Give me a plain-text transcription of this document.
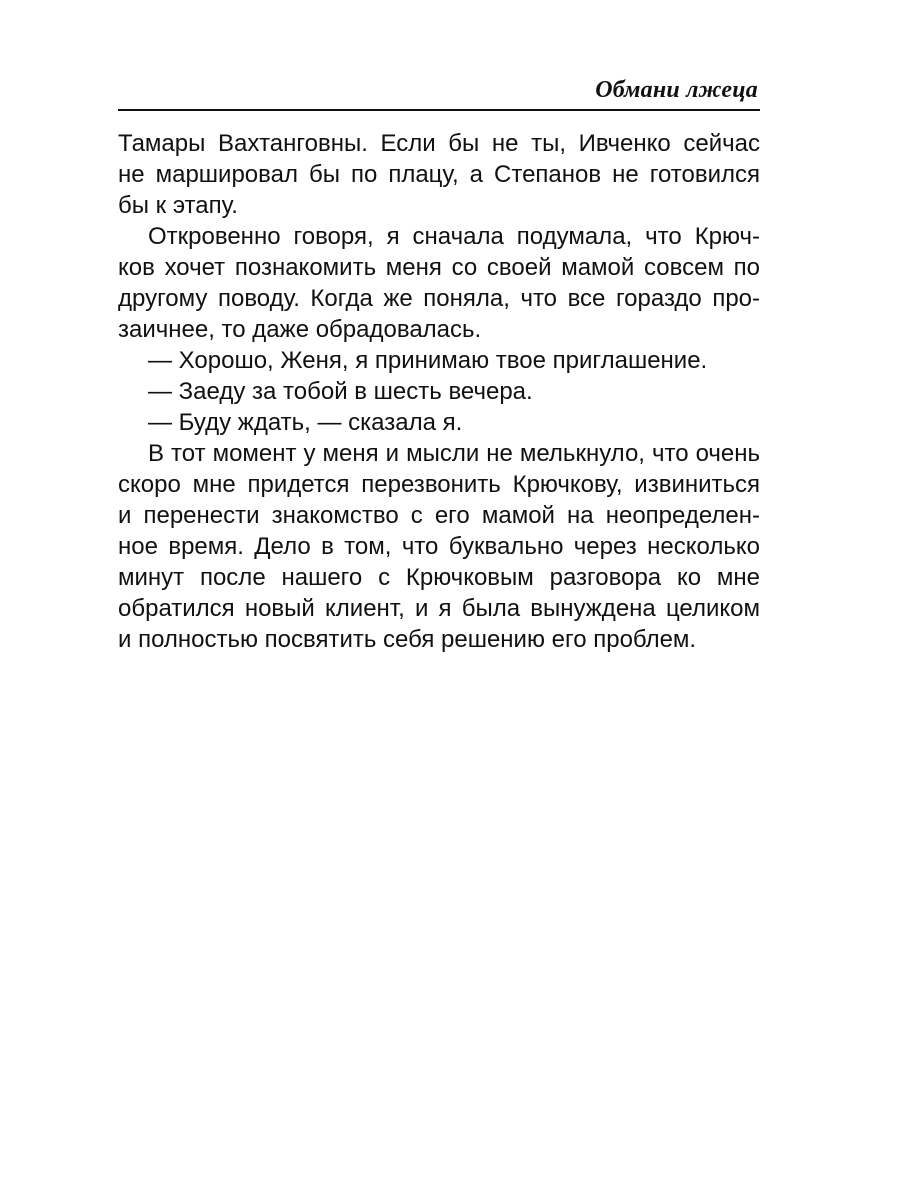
Обмани лжеца
Тамары Вахтанговны. Если бы не ты, Ивченко сейчас
не маршировал бы по плацу, а Степанов не готовился
бы к этапу.
Откровенно говоря, я сначала подумала, что Крюч-
ков хочет познакомить меня со своей мамой совсем по
другому поводу. Когда же поняла, что все гораздо про-
заичнее, то даже обрадовалась.
— Хорошо, Женя, я принимаю твое приглашение.
— Заеду за тобой в шесть вечера.
— Буду ждать, — сказала я.
В тот момент у меня и мысли не мелькнуло, что очень
скоро мне придется перезвонить Крючкову, извиниться
и перенести знакомство с его мамой на неопределен-
ное время. Дело в том, что буквально через несколько
минут после нашего с Крючковым разговора ко мне
обратился новый клиент, и я была вынуждена целиком
и полностью посвятить себя решению его проблем.
